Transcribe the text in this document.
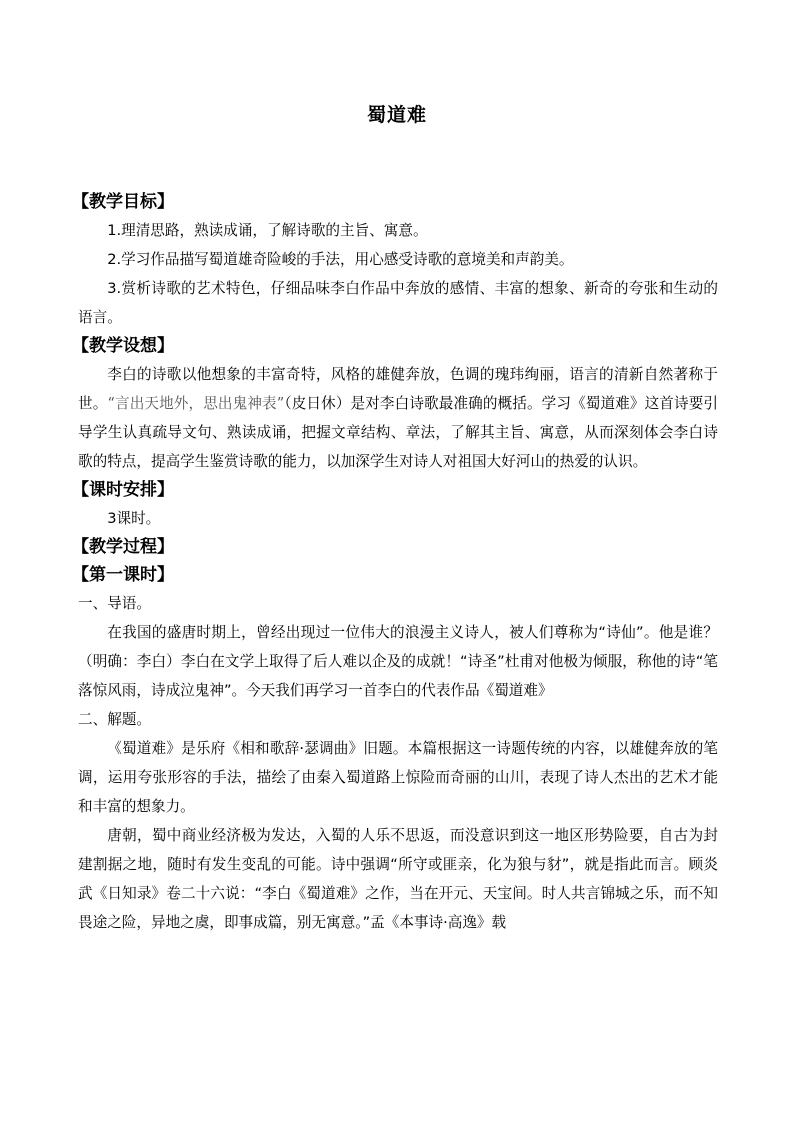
蜀道难
【教学目标】

1.理清思路，熟读成诵，了解诗歌的主旨、寓意。

2.学习作品描写蜀道雄奇险峻的手法，用心感受诗歌的意境美和声韵美。

3.赏析诗歌的艺术特色，仔细品味李白作品中奔放的感情、丰富的想象、新奇的夸张和生动的语言。

【教学设想】

李白的诗歌以他想象的丰富奇特，风格的雄健奔放，色调的瑰玮绚丽，语言的清新自然著称于世。“言出天地外，思出鬼神表”（皮日休）是对李白诗歌最准确的概括。学习《蜀道难》这首诗要引导学生认真疏导文句、熟读成诵，把握文章结构、章法，了解其主旨、寓意，从而深刻体会李白诗歌的特点，提高学生鉴赏诗歌的能力，以加深学生对诗人对祖国大好河山的热爱的认识。

【课时安排】

3课时。

【教学过程】
【第一课时】

一、导语。

在我国的盛唐时期上，曾经出现过一位伟大的浪漫主义诗人，被人们尊称为“诗仙”。他是谁？（明确：李白）李白在文学上取得了后人难以企及的成就！“诗圣”杜甫对他极为倾服，称他的诗“笔落惊风雨，诗成泣鬼神”。今天我们再学习一首李白的代表作品《蜀道难》

二、解题。

《蜀道难》是乐府《相和歌辞·瑟调曲》旧题。本篇根据这一诗题传统的内容，以雄健奔放的笔调，运用夸张形容的手法，描绘了由秦入蜀道路上惊险而奇丽的山川，表现了诗人杰出的艺术才能和丰富的想象力。

唐朝，蜀中商业经济极为发达，入蜀的人乐不思返，而没意识到这一地区形势险要，自古为封建割据之地，随时有发生变乱的可能。诗中强调“所守或匪亲，化为狼与豺”，就是指此而言。顾炎武《日知录》卷二十六说：“李白《蜀道难》之作，当在开元、天宝间。时人共言锦城之乐，而不知畏途之险，异地之虞，即事成篇，别无寓意。”孟《本事诗·高逸》载
